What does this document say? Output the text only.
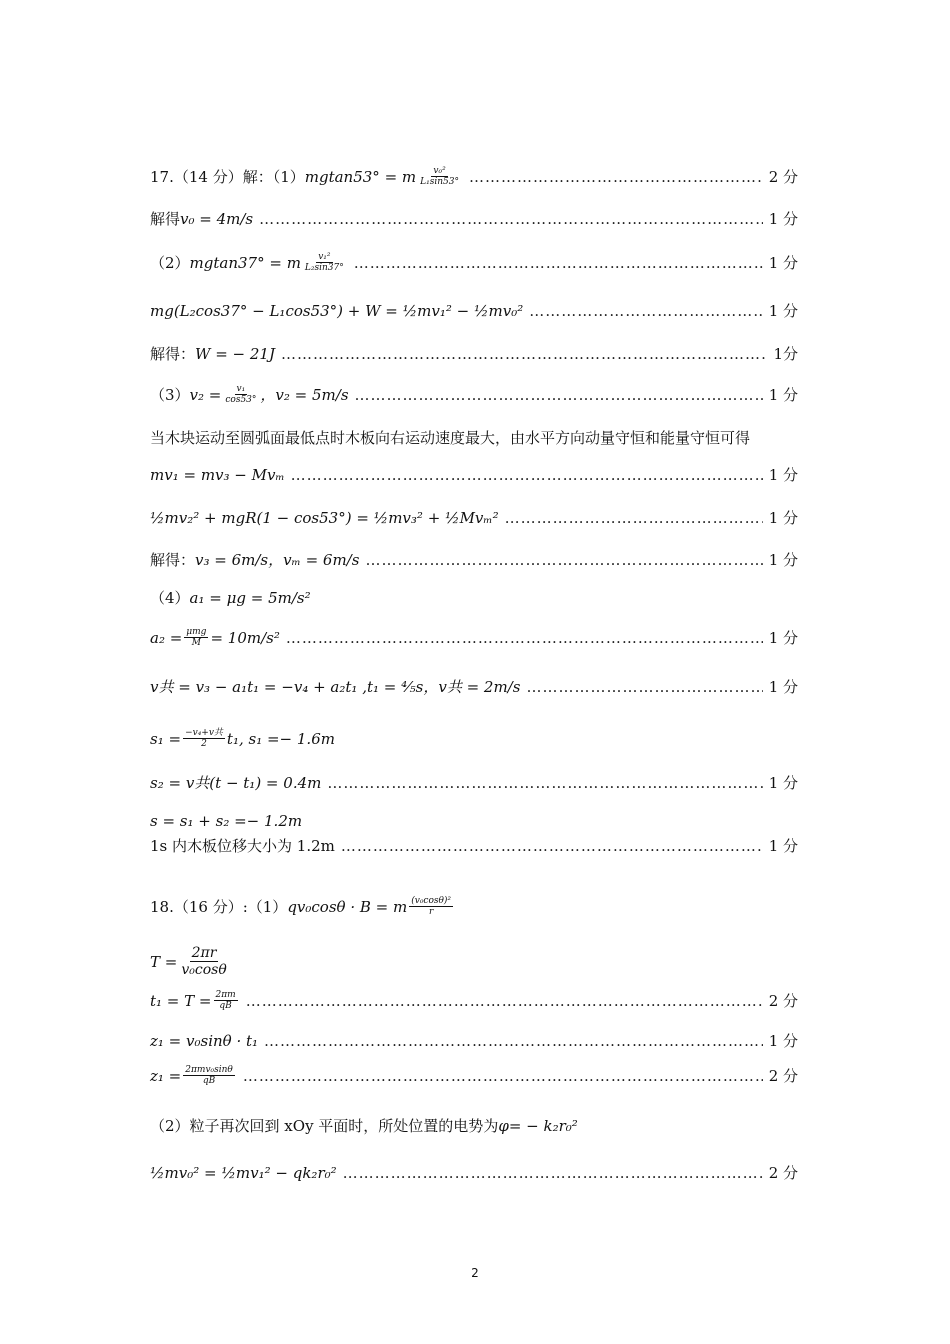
17.（14 分）解：（1） mgtan53° = m $\frac{\text{v₀²}}{\text{L₁sin53°}}$ ……………………………………………………………………………………………………………………………………………………	2 分
解得 v₀ = 4m/s ……………………………………………………………………………………………………………………………………………………	1 分
（2） mgtan37° = m $\frac{\text{v₁²}}{\text{L₂sin37°}}$ ……………………………………………………………………………………………………………………………………………………	1 分
mg(L₂cos37° − L₁cos53°) + W = ½mv₁² − ½mv₀² ……………………………………………………………………………………………………………………………………………………	1 分
解得： W = − 21J ……………………………………………………………………………………………………………………………………………………	1分
（3） $v_2 = \frac{\text{v₁}}{\cos 53^\circ}$ ，v₂ = 5m/s ……………………………………………………………………………………………………………………………………………………	1 分
当木块运动至圆弧面最低点时木板向右运动速度最大，由水平方向动量守恒和能量守恒可得
mv₁ = mv₃ − Mvₘ ……………………………………………………………………………………………………………………………………………………	1 分
½mv₂² + mgR(1 − cos53°) = ½mv₃² + ½Mvₘ² ……………………………………………………………………………………………………………………………………………………	1 分
解得： v₃ = 6m/s，vₘ = 6m/s ……………………………………………………………………………………………………………………………………………………	1 分
（4） a₁ = μg = 5m/s²
$a_2 = \frac{\text{μmg}}{M} = 10m/s^2$ ……………………………………………………………………………………………………………………………………………………	1 分
v共 = v₃ − a₁t₁ = −v₄ + a₂t₁ ,t₁ = ⁴⁄₅s，v共 = 2m/s ……………………………………………………………………………………………………………………………………………………	1 分
$s_1 = \frac{\text{−v₄+v共}}{2} t_1$, s₁ =− 1.6m
s₂ = v共(t − t₁) = 0.4m ……………………………………………………………………………………………………………………………………………………	1 分
s = s₁ + s₂ =− 1.2m
1s 内木板位移大小为 1.2m ……………………………………………………………………………………………………………………………………………………	1 分
18.（16 分）:（1） qv₀cosθ · B = m $\frac{\text{(v₀cosθ)²}}{r}$
$T = \frac{2\pi r}{\text{v₀cosθ}}$
$t_1 = T = \frac{2\pi m}{qB}$ ……………………………………………………………………………………………………………………………………………………	2 分
z₁ = v₀sinθ · t₁ ……………………………………………………………………………………………………………………………………………………	1 分
$z_1 = \frac{\text{2πmv₀sinθ}}{qB}$ ……………………………………………………………………………………………………………………………………………………	2 分
（2）粒子再次回到 xOy 平面时，所处位置的电势为 φ= − k₂r₀²
½mv₀² = ½mv₁² − qk₂r₀² ……………………………………………………………………………………………………………………………………………………	2 分
2
